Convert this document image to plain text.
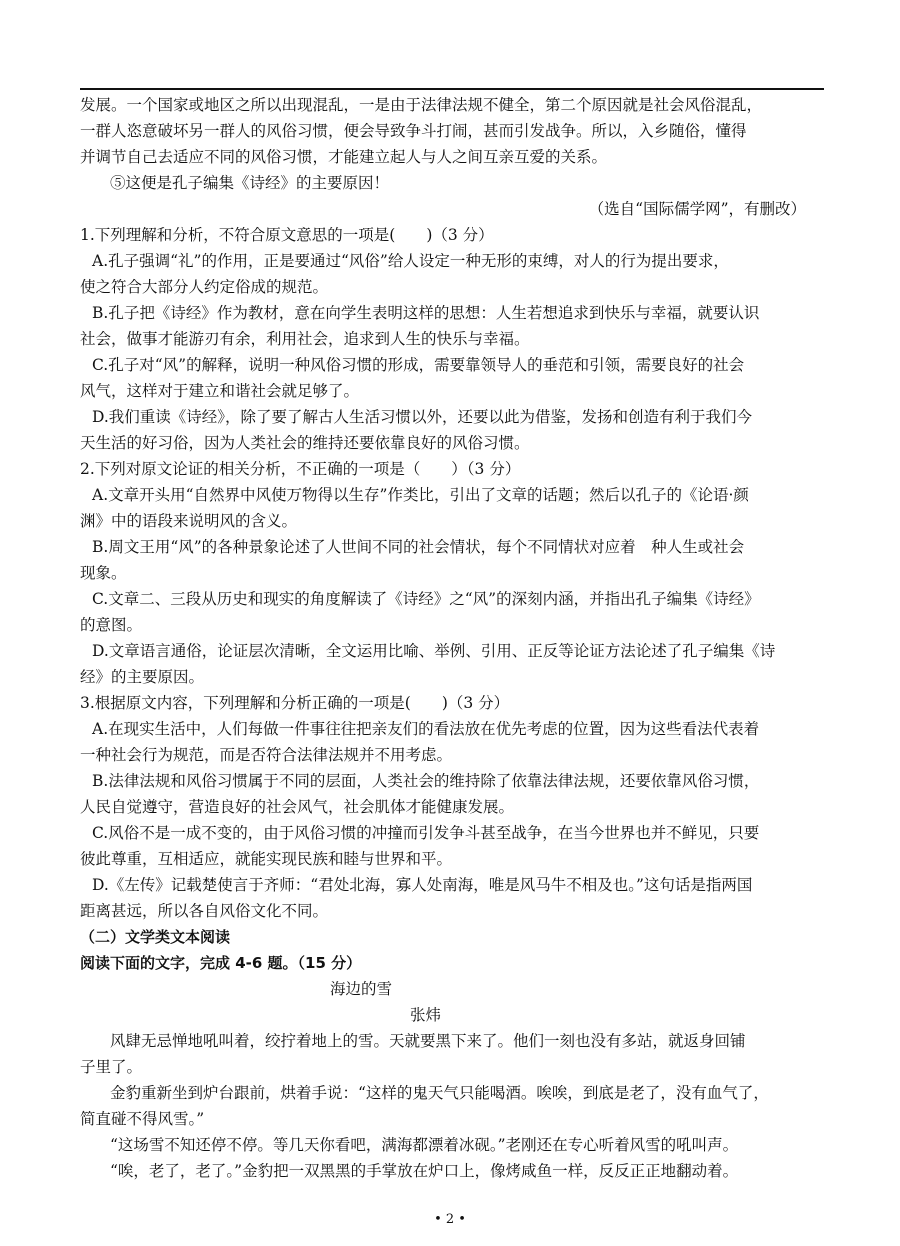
发展。一个国家或地区之所以出现混乱，一是由于法律法规不健全，第二个原因就是社会风俗混乱，

一群人恣意破坏另一群人的风俗习惯，便会导致争斗打闹，甚而引发战争。所以，入乡随俗，懂得

并调节自己去适应不同的风俗习惯，才能建立起人与人之间互亲互爱的关系。

⑤这便是孔子编集《诗经》的主要原因！

（选自“国际儒学网”，有删改）

1.下列理解和分析，不符合原文意思的一项是(　　)（3 分）

A.孔子强调“礼”的作用，正是要通过“风俗”给人设定一种无形的束缚，对人的行为提出要求，

使之符合大部分人约定俗成的规范。

B.孔子把《诗经》作为教材，意在向学生表明这样的思想：人生若想追求到快乐与幸福，就要认识

社会，做事才能游刃有余，利用社会，追求到人生的快乐与幸福。

C.孔子对“风”的解释，说明一种风俗习惯的形成，需要靠领导人的垂范和引领，需要良好的社会

风气，这样对于建立和谐社会就足够了。

D.我们重读《诗经》，除了要了解古人生活习惯以外，还要以此为借鉴，发扬和创造有利于我们今

天生活的好习俗，因为人类社会的维持还要依靠良好的风俗习惯。

2.下列对原文论证的相关分析，不正确的一项是（　　）（3 分）

A.文章开头用“自然界中风使万物得以生存”作类比，引出了文章的话题；然后以孔子的《论语·颜

渊》中的语段来说明风的含义。

B.周文王用“风”的各种景象论述了人世间不同的社会情状，每个不同情状对应着　种人生或社会

现象。

C.文章二、三段从历史和现实的角度解读了《诗经》之“风”的深刻内涵，并指出孔子编集《诗经》

的意图。

D.文章语言通俗，论证层次清晰，全文运用比喻、举例、引用、正反等论证方法论述了孔子编集《诗

经》的主要原因。

3.根据原文内容，下列理解和分析正确的一项是(　　)（3 分）

A.在现实生活中，人们每做一件事往往把亲友们的看法放在优先考虑的位置，因为这些看法代表着

一种社会行为规范，而是否符合法律法规并不用考虑。

B.法律法规和风俗习惯属于不同的层面，人类社会的维持除了依靠法律法规，还要依靠风俗习惯，

人民自觉遵守，营造良好的社会风气，社会肌体才能健康发展。

C.风俗不是一成不变的，由于风俗习惯的冲撞而引发争斗甚至战争，在当今世界也并不鲜见，只要

彼此尊重，互相适应，就能实现民族和睦与世界和平。

D.《左传》记载楚使言于齐师：“君处北海，寡人处南海，唯是风马牛不相及也。”这句话是指两国

距离甚远，所以各自风俗文化不同。

（二）文学类文本阅读

阅读下面的文字，完成 4-6 题。（15 分）

海边的雪

张炜

风肆无忌惮地吼叫着，绞拧着地上的雪。天就要黑下来了。他们一刻也没有多站，就返身回铺

子里了。

金豹重新坐到炉台跟前，烘着手说：“这样的鬼天气只能喝酒。唉唉，到底是老了，没有血气了，

简直碰不得风雪。”

“这场雪不知还停不停。等几天你看吧，满海都漂着冰砚。”老刚还在专心听着风雪的吼叫声。

“唉，老了，老了。”金豹把一双黑黑的手掌放在炉口上，像烤咸鱼一样，反反正正地翻动着。

• 2 •
